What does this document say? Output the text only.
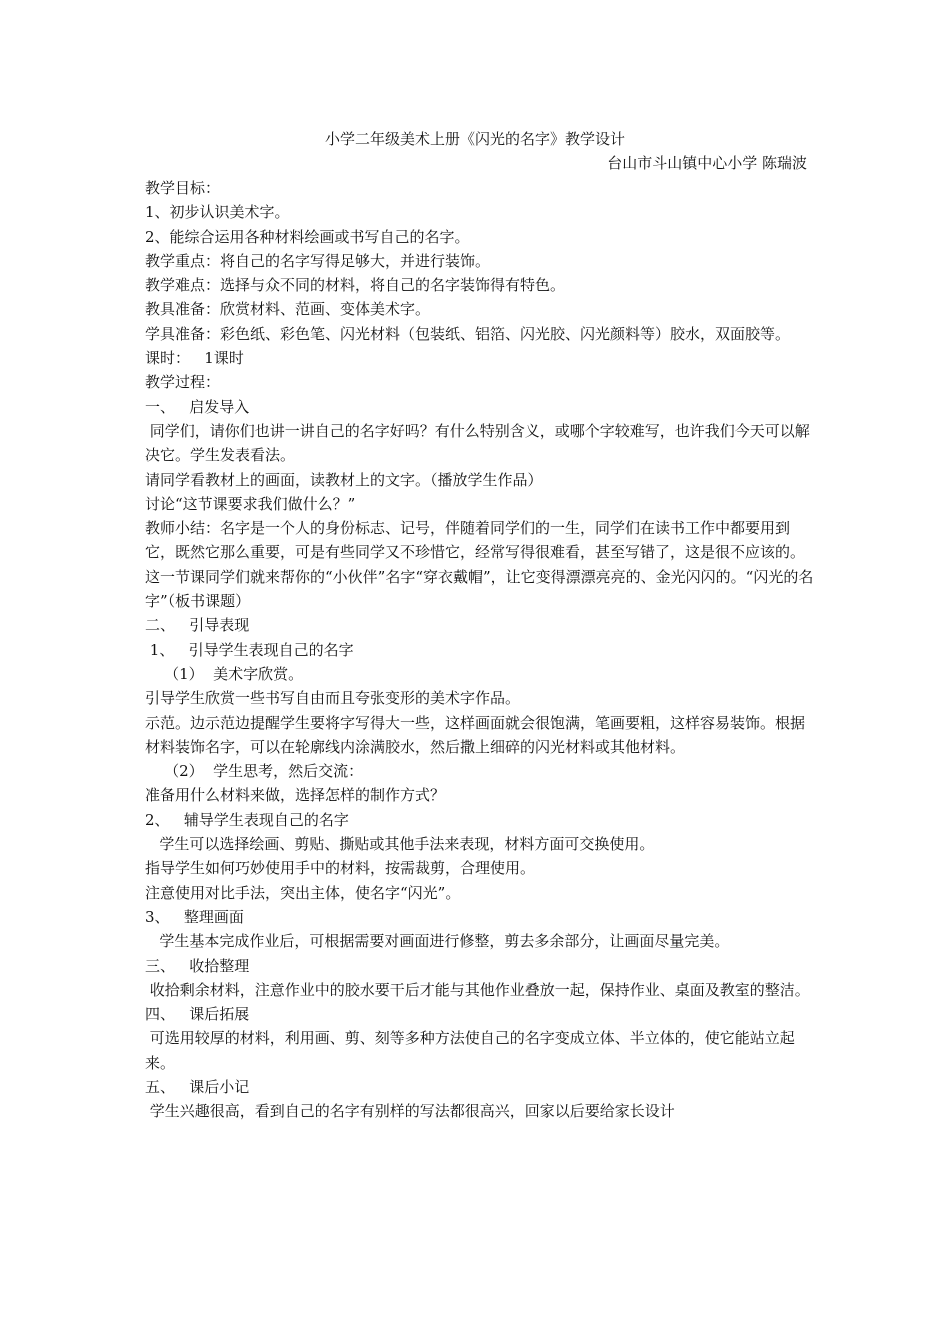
小学二年级美术上册《闪光的名字》教学设计
台山市斗山镇中心小学 陈瑞波

教学目标：

1、初步认识美术字。

2、能综合运用各种材料绘画或书写自己的名字。

教学重点：将自己的名字写得足够大，并进行装饰。

教学难点：选择与众不同的材料，将自己的名字装饰得有特色。

教具准备：欣赏材料、范画、变体美术字。

学具准备：彩色纸、彩色笔、闪光材料（包装纸、铝箔、闪光胶、闪光颜料等）胶水，双面胶等。

课时：   1课时

教学过程：

一、   启发导入

同学们，请你们也讲一讲自己的名字好吗？有什么特别含义，或哪个字较难写，也许我们今天可以解决它。学生发表看法。

请同学看教材上的画面，读教材上的文字。（播放学生作品）

讨论“这节课要求我们做什么？”

教师小结：名字是一个人的身份标志、记号，伴随着同学们的一生，同学们在读书工作中都要用到它，既然它那么重要，可是有些同学又不珍惜它，经常写得很难看，甚至写错了，这是很不应该的。这一节课同学们就来帮你的“小伙伴”名字“穿衣戴帽”，让它变得漂漂亮亮的、金光闪闪的。“闪光的名字”（板书课题）

二、   引导表现

1、   引导学生表现自己的名字

（1）  美术字欣赏。

引导学生欣赏一些书写自由而且夸张变形的美术字作品。

示范。边示范边提醒学生要将字写得大一些，这样画面就会很饱满，笔画要粗，这样容易装饰。根据材料装饰名字，可以在轮廓线内涂满胶水，然后撒上细碎的闪光材料或其他材料。

（2）  学生思考，然后交流：

准备用什么材料来做，选择怎样的制作方式？

2、   辅导学生表现自己的名字

学生可以选择绘画、剪贴、撕贴或其他手法来表现，材料方面可交换使用。

指导学生如何巧妙使用手中的材料，按需裁剪，合理使用。

注意使用对比手法，突出主体，使名字“闪光”。

3、   整理画面

学生基本完成作业后，可根据需要对画面进行修整，剪去多余部分，让画面尽量完美。

三、   收拾整理

收拾剩余材料，注意作业中的胶水要干后才能与其他作业叠放一起，保持作业、桌面及教室的整洁。

四、   课后拓展

可选用较厚的材料，利用画、剪、刻等多种方法使自己的名字变成立体、半立体的，使它能站立起来。

五、   课后小记

学生兴趣很高，看到自己的名字有别样的写法都很高兴，回家以后要给家长设计
